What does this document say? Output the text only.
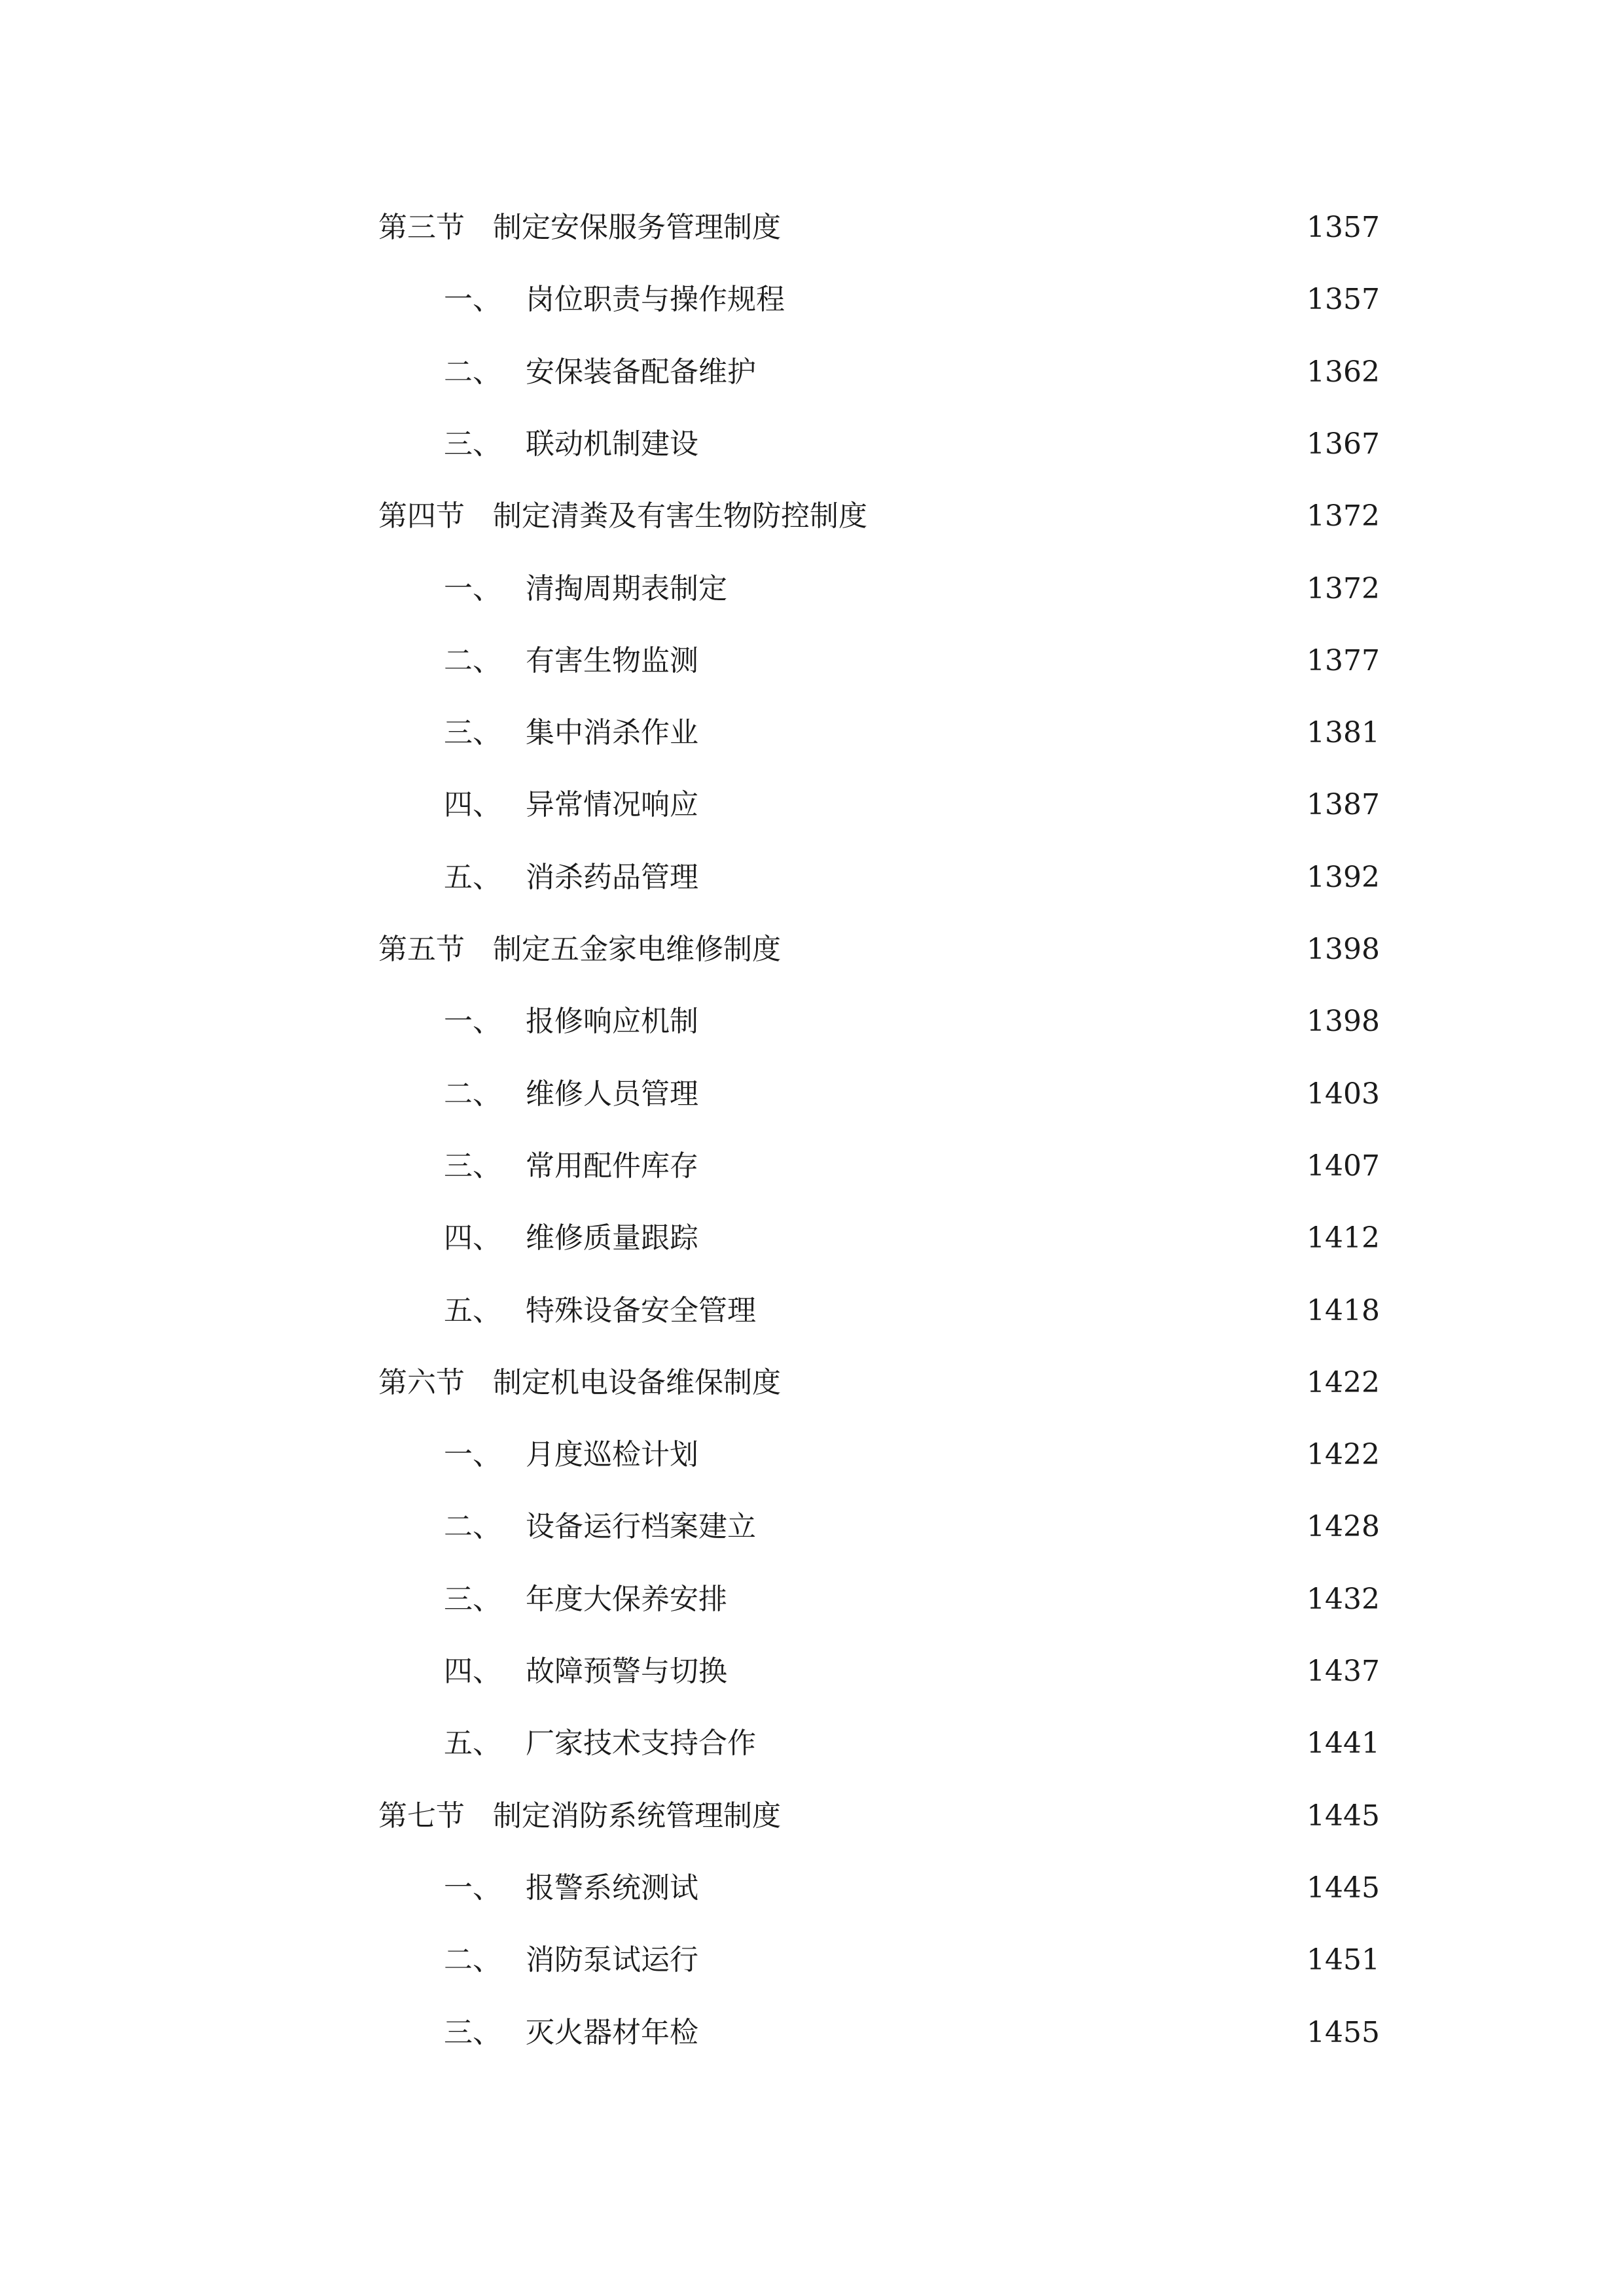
第三节 制定安保服务管理制度	1357
一、 岗位职责与操作规程	1357
二、 安保装备配备维护	1362
三、 联动机制建设	1367
第四节 制定清粪及有害生物防控制度	1372
一、 清掏周期表制定	1372
二、 有害生物监测	1377
三、 集中消杀作业	1381
四、 异常情况响应	1387
五、 消杀药品管理	1392
第五节 制定五金家电维修制度	1398
一、 报修响应机制	1398
二、 维修人员管理	1403
三、 常用配件库存	1407
四、 维修质量跟踪	1412
五、 特殊设备安全管理	1418
第六节 制定机电设备维保制度	1422
一、 月度巡检计划	1422
二、 设备运行档案建立	1428
三、 年度大保养安排	1432
四、 故障预警与切换	1437
五、 厂家技术支持合作	1441
第七节 制定消防系统管理制度	1445
一、 报警系统测试	1445
二、 消防泵试运行	1451
三、 灭火器材年检	1455
